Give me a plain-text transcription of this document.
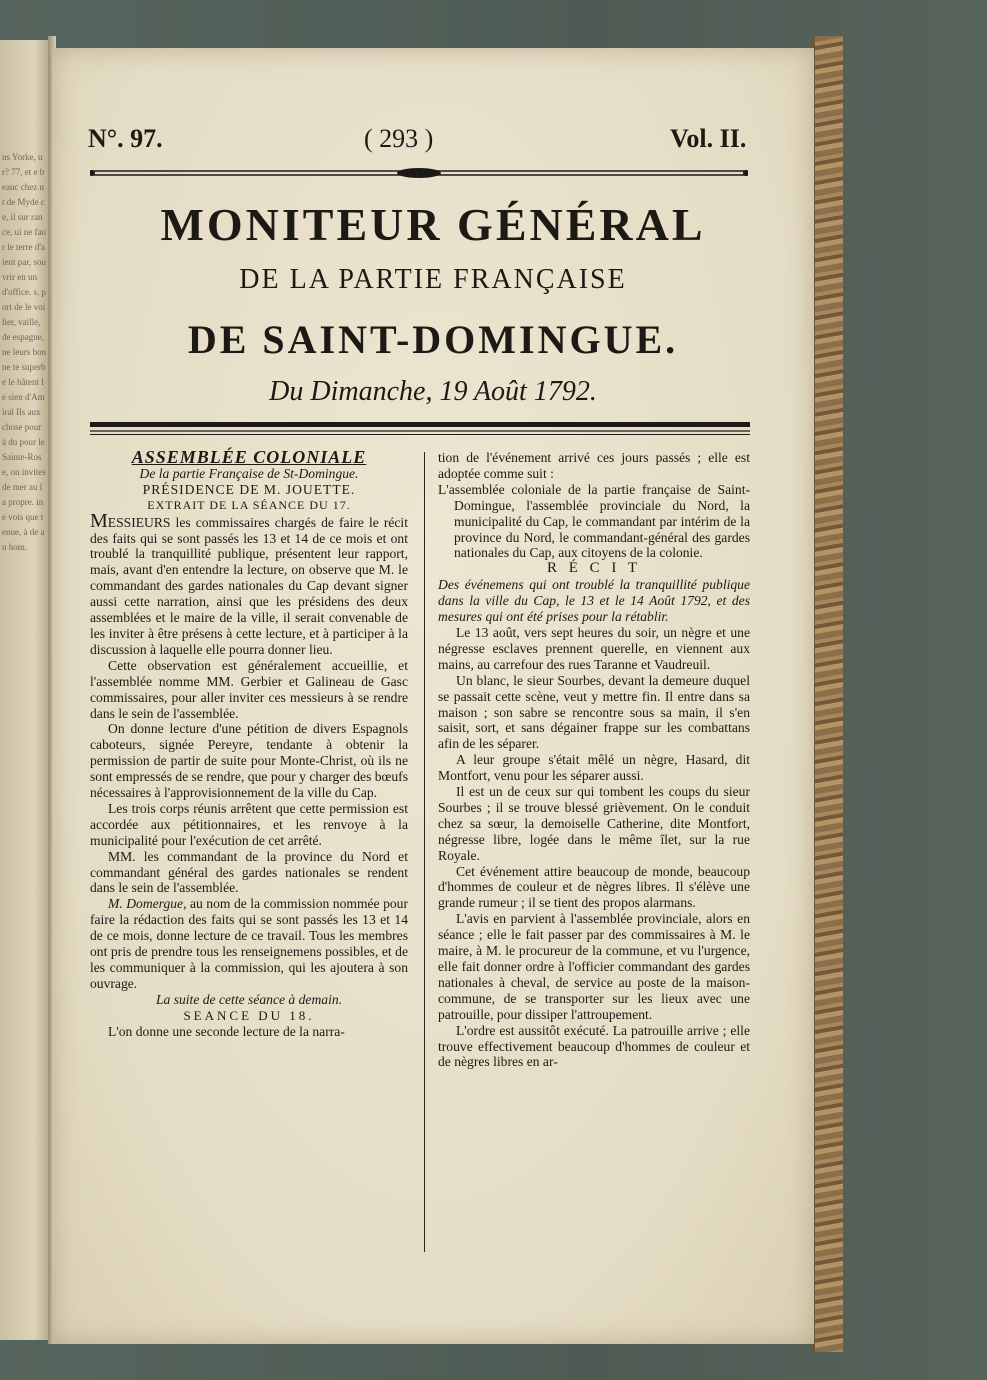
ns Yorke, ur? 77, et e beauc chez ut de Myde ce, il sur rance, ui ne faur le terre d'aient par, souvrir en un d'office. s, port de le voilier, vaille, de espagne, ne leurs bonne te superbe le hâtent le sien d'Amiral Ils aux chose pour à du pour le Sainte-Rose, on invites de mer au la propre. ine vois que tenue, à de au hom.
N°. 97.	( 293 )	Vol. II.
MONITEUR GÉNÉRAL
DE LA PARTIE FRANÇAISE
DE SAINT-DOMINGUE.
Du Dimanche, 19 Août 1792.

ASSEMBLÉE COLONIALE

De la partie Française de St-Domingue.

PRÉSIDENCE DE M. JOUETTE.

EXTRAIT DE LA SÉANCE DU 17.

MESSIEURS les commissaires chargés de faire le récit des faits qui se sont passés les 13 et 14 de ce mois et ont troublé la tranquillité publique, présentent leur rapport, mais, avant d'en entendre la lecture, on observe que M. le commandant des gardes nationales du Cap devant signer aussi cette narration, ainsi que les présidens des deux assemblées et le maire de la ville, il serait convenable de les inviter à être présens à cette lecture, et à participer à la discussion à laquelle elle pourra donner lieu.

Cette observation est généralement accueillie, et l'assemblée nomme MM. Gerbier et Galineau de Gasc commissaires, pour aller inviter ces messieurs à se rendre dans le sein de l'assemblée.

On donne lecture d'une pétition de divers Espagnols caboteurs, signée Pereyre, tendante à obtenir la permission de partir de suite pour Monte-Christ, où ils ne sont empressés de se rendre, que pour y charger des bœufs nécessaires à l'approvisionnement de la ville du Cap.

Les trois corps réunis arrêtent que cette permission est accordée aux pétitionnaires, et les renvoye à la municipalité pour l'exécution de cet arrêté.

MM. les commandant de la province du Nord et commandant général des gardes nationales se rendent dans le sein de l'assemblée.

M. Domergue, au nom de la commission nommée pour faire la rédaction des faits qui se sont passés les 13 et 14 de ce mois, donne lecture de ce travail. Tous les membres ont pris de prendre tous les renseignemens possibles, et de les communiquer à la commission, qui les ajoutera à son ouvrage.

La suite de cette séance à demain.

SEANCE DU 18.

L'on donne une seconde lecture de la narra-

tion de l'événement arrivé ces jours passés ; elle est adoptée comme suit :

L'assemblée coloniale de la partie française de Saint-Domingue, l'assemblée provinciale du Nord, la municipalité du Cap, le commandant par intérim de la province du Nord, le commandant-général des gardes nationales du Cap, aux citoyens de la colonie.

R É C I T

Des événemens qui ont troublé la tranquillité publique dans la ville du Cap, le 13 et le 14 Août 1792, et des mesures qui ont été prises pour la rétablir.

Le 13 août, vers sept heures du soir, un nègre et une négresse esclaves prennent querelle, en viennent aux mains, au carrefour des rues Taranne et Vaudreuil.

Un blanc, le sieur Sourbes, devant la demeure duquel se passait cette scène, veut y mettre fin. Il entre dans sa maison ; son sabre se rencontre sous sa main, il s'en saisit, sort, et sans dégainer frappe sur les combattans afin de les séparer.

A leur groupe s'était mêlé un nègre, Hasard, dit Montfort, venu pour les séparer aussi.

Il est un de ceux sur qui tombent les coups du sieur Sourbes ; il se trouve blessé grièvement. On le conduit chez sa sœur, la demoiselle Catherine, dite Montfort, négresse libre, logée dans le même îlet, sur la rue Royale.

Cet événement attire beaucoup de monde, beaucoup d'hommes de couleur et de nègres libres. Il s'élève une grande rumeur ; il se tient des propos alarmans.

L'avis en parvient à l'assemblée provinciale, alors en séance ; elle le fait passer par des commissaires à M. le maire, à M. le procureur de la commune, et vu l'urgence, elle fait donner ordre à l'officier commandant des gardes nationales à cheval, de service au poste de la maison-commune, de se transporter sur les lieux avec une patrouille, pour dissiper l'attroupement.

L'ordre est aussitôt exécuté. La patrouille arrive ; elle trouve effectivement beaucoup d'hommes de couleur et de nègres libres en ar-
